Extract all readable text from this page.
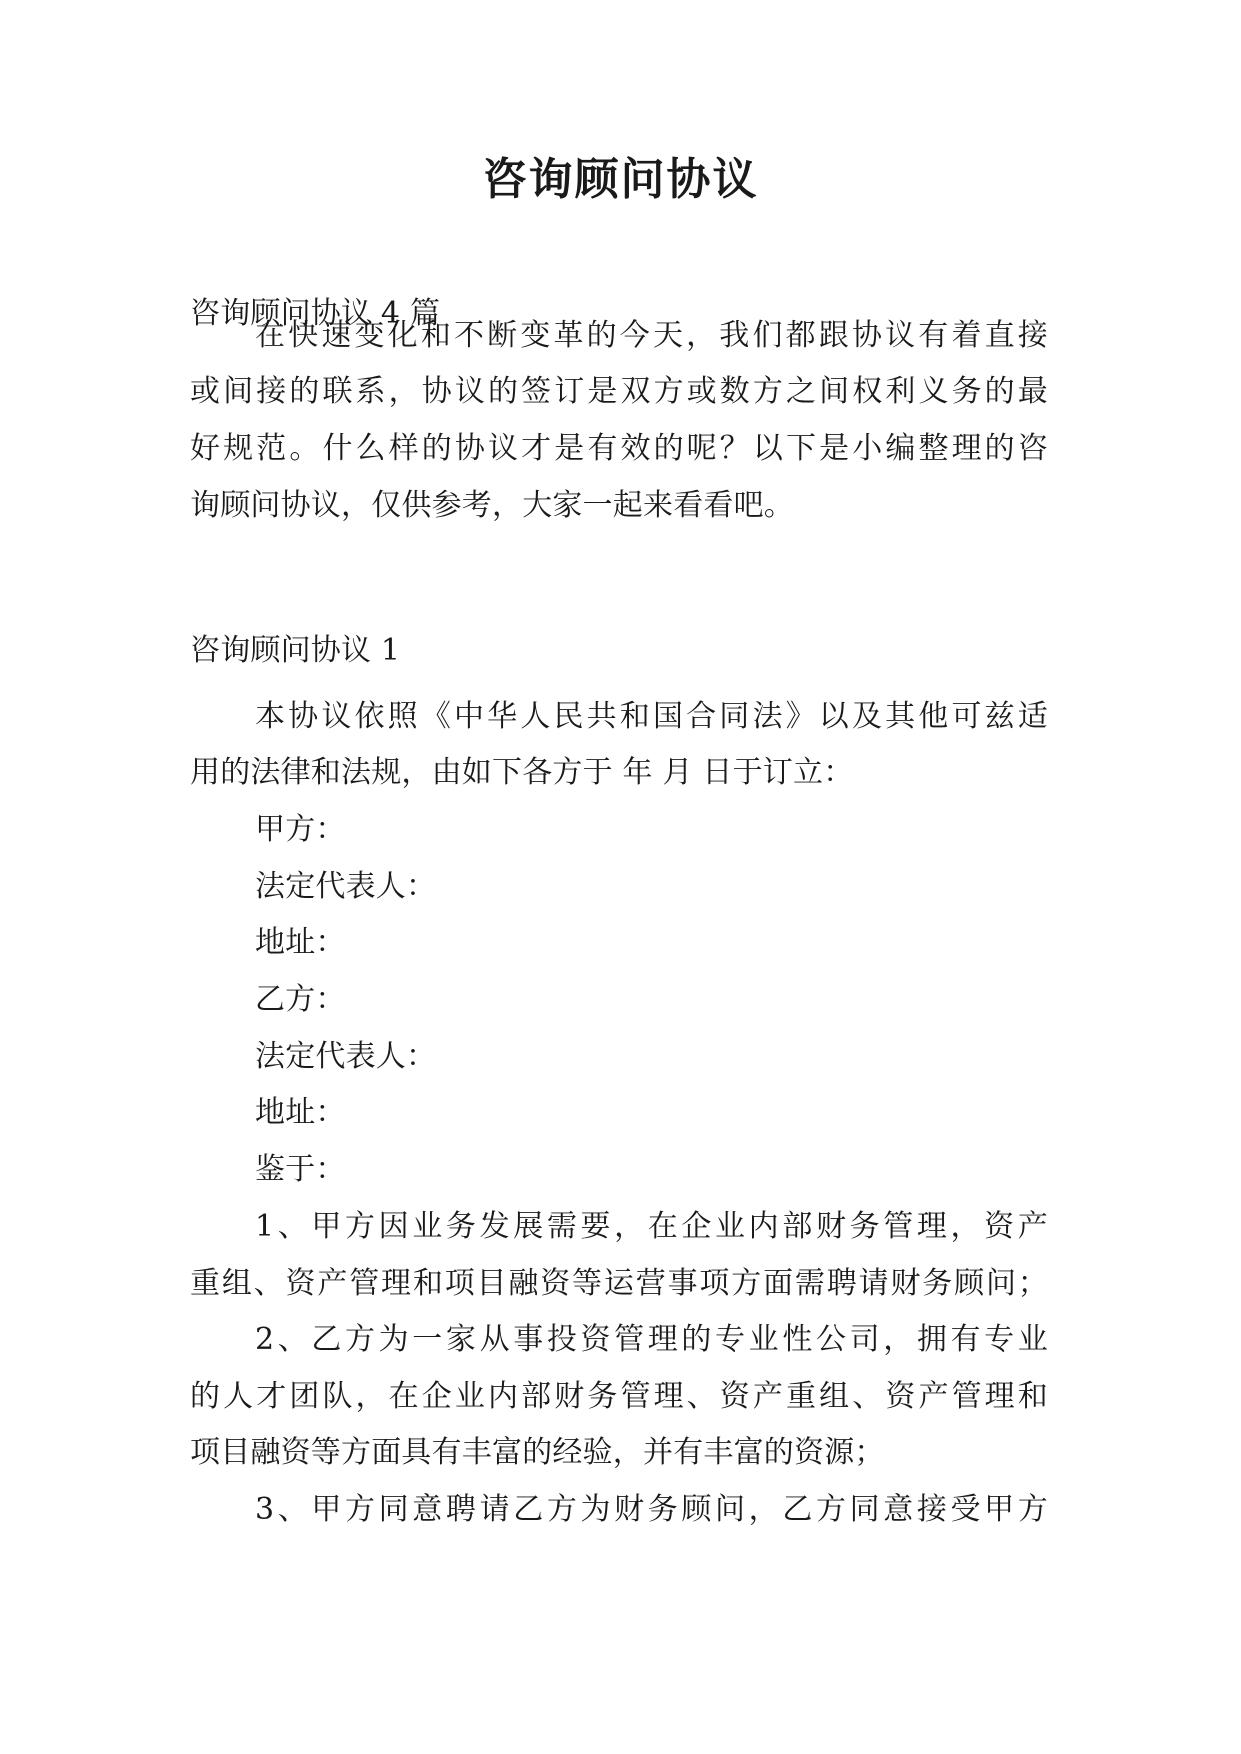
咨询顾问协议
咨询顾问协议 4 篇
在快速变化和不断变革的今天，我们都跟协议有着直接
或间接的联系，协议的签订是双方或数方之间权利义务的最
好规范。什么样的协议才是有效的呢？以下是小编整理的咨
询顾问协议，仅供参考，大家一起来看看吧。
咨询顾问协议 1
本协议依照《中华人民共和国合同法》以及其他可兹适
用的法律和法规，由如下各方于 年 月 日于订立：
甲方：
法定代表人：
地址：
乙方：
法定代表人：
地址：
鉴于：
1、甲方因业务发展需要，在企业内部财务管理，资产
重组、资产管理和项目融资等运营事项方面需聘请财务顾问；
2、乙方为一家从事投资管理的专业性公司，拥有专业
的人才团队，在企业内部财务管理、资产重组、资产管理和
项目融资等方面具有丰富的经验，并有丰富的资源；
3、甲方同意聘请乙方为财务顾问，乙方同意接受甲方
